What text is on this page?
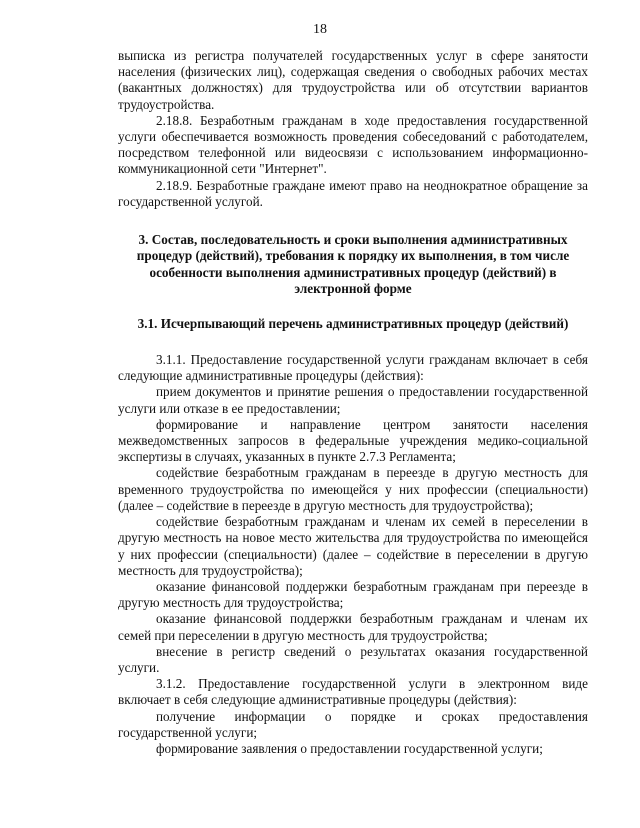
18

выписка из регистра получателей государственных услуг в сфере занятости населения (физических лиц), содержащая сведения о свободных рабочих местах (вакантных должностях) для трудоустройства или об отсутствии вариантов трудоустройства.

2.18.8. Безработным гражданам в ходе предоставления государственной услуги обеспечивается возможность проведения собеседований с работодателем, посредством телефонной или видеосвязи с использованием информационно-коммуникационной сети "Интернет".

2.18.9. Безработные граждане имеют право на неоднократное обращение за государственной услугой.

3. Состав, последовательность и сроки выполнения административных процедур (действий), требования к порядку их выполнения, в том числе особенности выполнения административных процедур (действий) в электронной форме
3.1. Исчерпывающий перечень административных процедур (действий)

3.1.1. Предоставление государственной услуги гражданам включает в себя следующие административные процедуры (действия):

прием документов и принятие решения о предоставлении государственной услуги или отказе в ее предоставлении;

формирование и направление центром занятости населения межведомственных запросов в федеральные учреждения медико-социальной экспертизы в случаях, указанных в пункте 2.7.3 Регламента;

содействие безработным гражданам в переезде в другую местность для временного трудоустройства по имеющейся у них профессии (специальности) (далее – содействие в переезде в другую местность для трудоустройства);

содействие безработным гражданам и членам их семей в переселении в другую местность на новое место жительства для трудоустройства по имеющейся у них профессии (специальности) (далее – содействие в переселении в другую местность для трудоустройства);

оказание финансовой поддержки безработным гражданам при переезде в другую местность для трудоустройства;

оказание финансовой поддержки безработным гражданам и членам их семей при переселении в другую местность для трудоустройства;

внесение в регистр сведений о результатах оказания государственной услуги.

3.1.2. Предоставление государственной услуги в электронном виде включает в себя следующие административные процедуры (действия):

получение информации о порядке и сроках предоставления государственной услуги;

формирование заявления о предоставлении государственной услуги;
